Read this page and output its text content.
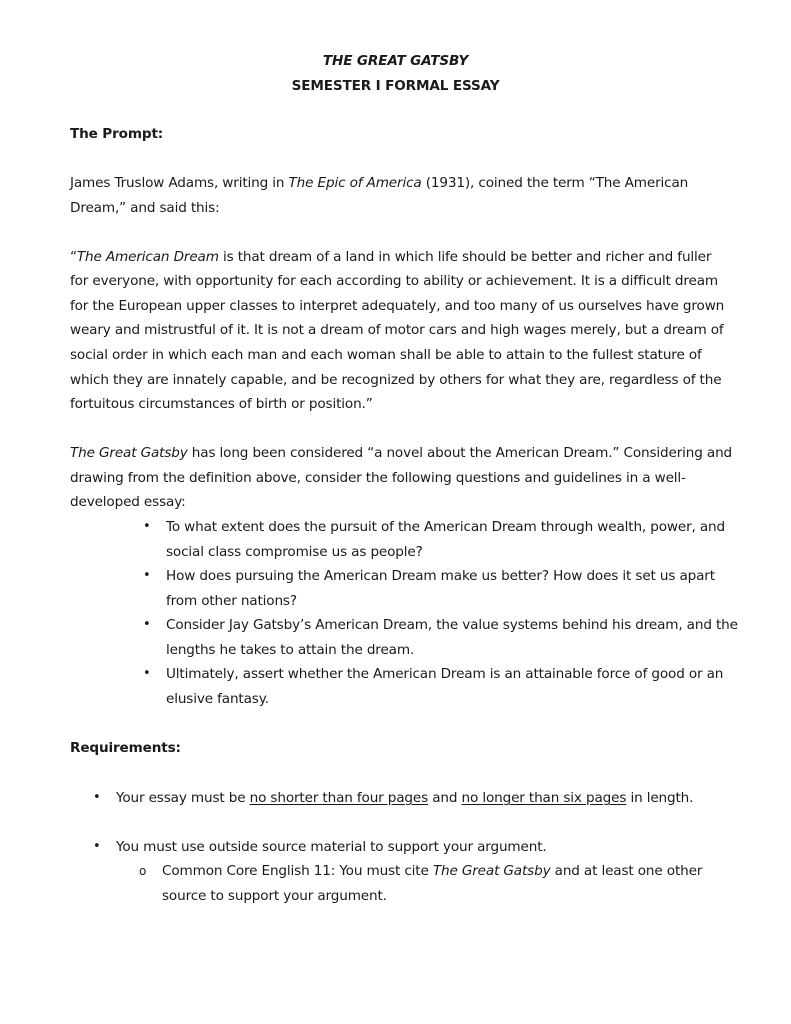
THE GREAT GATSBY
SEMESTER I FORMAL ESSAY
The Prompt:
James Truslow Adams, writing in The Epic of America (1931), coined the term “The American
Dream,” and said this:
“The American Dream is that dream of a land in which life should be better and richer and fuller
for everyone, with opportunity for each according to ability or achievement. It is a difficult dream
for the European upper classes to interpret adequately, and too many of us ourselves have grown
weary and mistrustful of it. It is not a dream of motor cars and high wages merely, but a dream of
social order in which each man and each woman shall be able to attain to the fullest stature of
which they are innately capable, and be recognized by others for what they are, regardless of the
fortuitous circumstances of birth or position.”
The Great Gatsby has long been considered “a novel about the American Dream.” Considering and
drawing from the definition above, consider the following questions and guidelines in a well-
developed essay:
• To what extent does the pursuit of the American Dream through wealth, power, and
social class compromise us as people?
• How does pursuing the American Dream make us better? How does it set us apart
from other nations?
• Consider Jay Gatsby’s American Dream, the value systems behind his dream, and the
lengths he takes to attain the dream.
• Ultimately, assert whether the American Dream is an attainable force of good or an
elusive fantasy.
Requirements:
• Your essay must be no shorter than four pages and no longer than six pages in length.
• You must use outside source material to support your argument.
o Common Core English 11: You must cite The Great Gatsby and at least one other
source to support your argument.
